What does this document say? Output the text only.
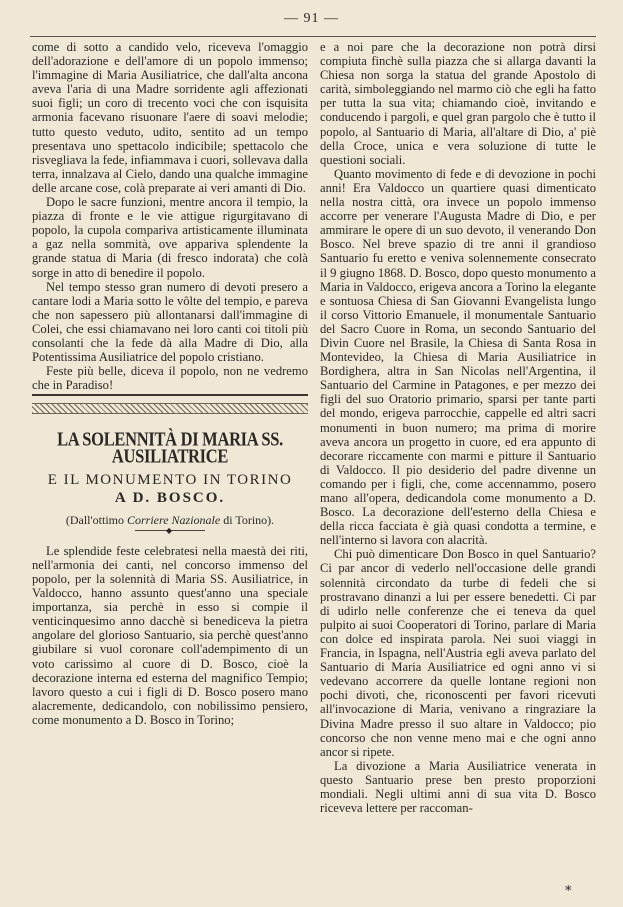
— 91 —

come di sotto a candido velo, riceveva l'omaggio dell'adorazione e dell'amore di un popolo immenso; l'immagine di Maria Ausiliatrice, che dall'alta ancona aveva l'aria di una Madre sorridente agli affezionati suoi figli; un coro di trecento voci che con isquisita armonia facevano risuonare l'aere di soavi melodie; tutto questo veduto, udito, sentito ad un tempo presentava uno spettacolo indicibile; spettacolo che risvegliava la fede, infiammava i cuori, sollevava dalla terra, innalzava al Cielo, dando una qualche immagine delle arcane cose, colà preparate ai veri amanti di Dio.

Dopo le sacre funzioni, mentre ancora il tempio, la piazza di fronte e le vie attigue rigurgitavano di popolo, la cupola compariva artisticamente illuminata a gaz nella sommità, ove appariva splendente la grande statua di Maria (di fresco indorata) che colà sorge in atto di benedire il popolo.

Nel tempo stesso gran numero di devoti presero a cantare lodi a Maria sotto le vôlte del tempio, e pareva che non sapessero più allontanarsi dall'immagine di Colei, che essi chiamavano nei loro canti coi titoli più consolanti che la fede dà alla Madre di Dio, alla Potentissima Ausiliatrice del popolo cristiano.

Feste più belle, diceva il popolo, non ne vedremo che in Paradiso!

LA SOLENNITÀ DI MARIA SS. AUSILIATRICE
E IL MONUMENTO IN TORINO
A D. BOSCO.
(Dall'ottimo Corriere Nazionale di Torino).
◆

Le splendide feste celebratesi nella maestà dei riti, nell'armonia dei canti, nel concorso immenso del popolo, per la solennità di Maria SS. Ausiliatrice, in Valdocco, hanno assunto quest'anno una speciale importanza, sia perchè in esso si compie il venticinquesimo anno dacchè si benediceva la pietra angolare del glorioso Santuario, sia perchè quest'anno giubilare si vuol coronare coll'adempimento di un voto carissimo al cuore di D. Bosco, cioè la decorazione interna ed esterna del magnifico Tempio; lavoro questo a cui i figli di D. Bosco posero mano alacremente, dedicandolo, con nobilissimo pensiero, come monumento a D. Bosco in Torino;

e a noi pare che la decorazione non potrà dirsi compiuta finchè sulla piazza che si allarga davanti la Chiesa non sorga la statua del grande Apostolo di carità, simboleggiando nel marmo ciò che egli ha fatto per tutta la sua vita; chiamando cioè, invitando e conducendo i pargoli, e quel gran pargolo che è tutto il popolo, al Santuario di Maria, all'altare di Dio, a' piè della Croce, unica e vera soluzione di tutte le questioni sociali.

Quanto movimento di fede e di devozione in pochi anni! Era Valdocco un quartiere quasi dimenticato nella nostra città, ora invece un popolo immenso accorre per venerare l'Augusta Madre di Dio, e per ammirare le opere di un suo devoto, il venerando Don Bosco. Nel breve spazio di tre anni il grandioso Santuario fu eretto e veniva solennemente consecrato il 9 giugno 1868. D. Bosco, dopo questo monumento a Maria in Valdocco, erigeva ancora a Torino la elegante e sontuosa Chiesa di San Giovanni Evangelista lungo il corso Vittorio Emanuele, il monumentale Santuario del Sacro Cuore in Roma, un secondo Santuario del Divin Cuore nel Brasile, la Chiesa di Santa Rosa in Montevideo, la Chiesa di Maria Ausiliatrice in Bordighera, altra in San Nicolas nell'Argentina, il Santuario del Carmine in Patagones, e per mezzo dei figli del suo Oratorio primario, sparsi per tante parti del mondo, erigeva parrocchie, cappelle ed altri sacri monumenti in buon numero; ma prima di morire aveva ancora un progetto in cuore, ed era appunto di decorare riccamente con marmi e pitture il Santuario di Valdocco. Il pio desiderio del padre divenne un comando per i figli, che, come accennammo, posero mano all'opera, dedicandola come monumento a D. Bosco. La decorazione dell'esterno della Chiesa e della ricca facciata è già quasi condotta a termine, e nell'interno si lavora con alacrità.

Chi può dimenticare Don Bosco in quel Santuario? Ci par ancor di vederlo nell'occasione delle grandi solennità circondato da turbe di fedeli che si prostravano dinanzi a lui per essere benedetti. Ci par di udirlo nelle conferenze che ei teneva da quel pulpito ai suoi Cooperatori di Torino, parlare di Maria con dolce ed inspirata parola. Nei suoi viaggi in Francia, in Ispagna, nell'Austria egli aveva parlato del Santuario di Maria Ausiliatrice ed ogni anno vi si vedevano accorrere da quelle lontane regioni non pochi divoti, che, riconoscenti per favori ricevuti all'invocazione di Maria, venivano a ringraziare la Divina Madre presso il suo altare in Valdocco; pio concorso che non venne meno mai e che ogni anno ancor si ripete.

La divozione a Maria Ausiliatrice venerata in questo Santuario prese ben presto proporzioni mondiali. Negli ultimi anni di sua vita D. Bosco riceveva lettere per raccoman-

*
